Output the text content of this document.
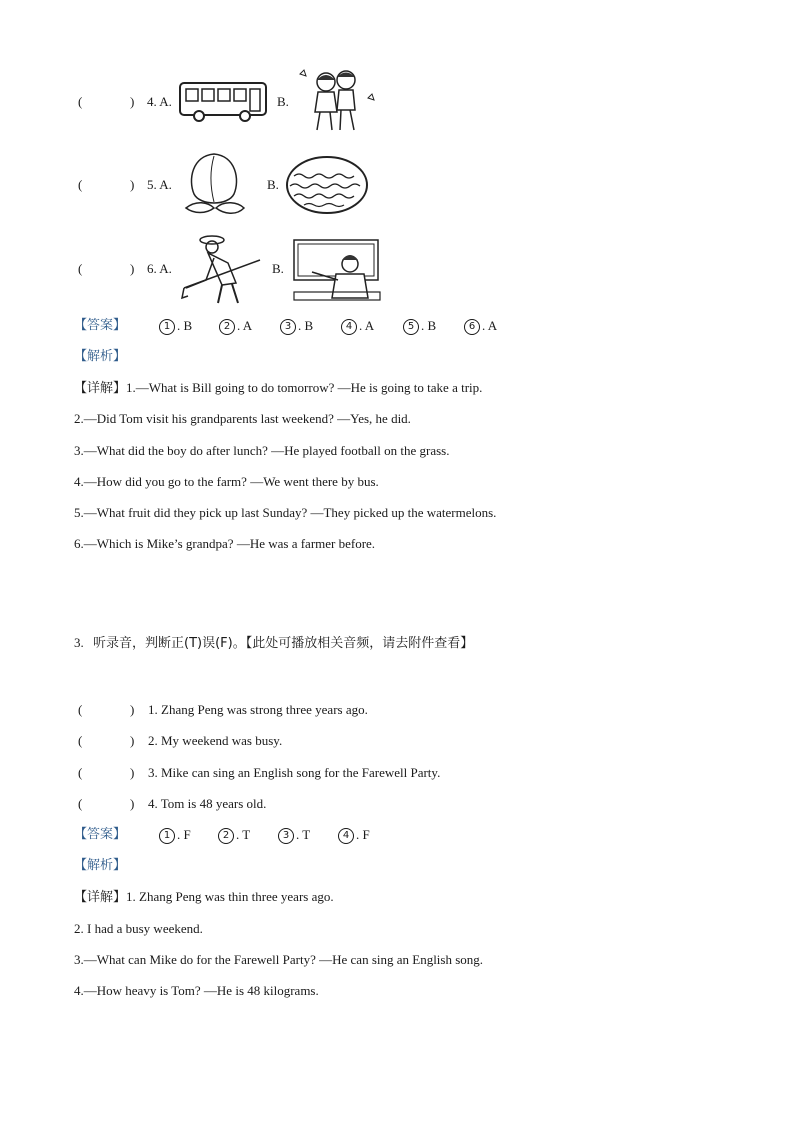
(	) 4. A.	B.
(	) 5. A.	B.
(	) 6. A.	B.
【答案】	1 . B	2 . A	3 . B	4 . A	5 . B	6 . A
【解析】
【详解】1.—What is Bill going to do tomorrow? —He is going to take a trip.
2.—Did Tom visit his grandparents last weekend? —Yes, he did.
3.—What did the boy do after lunch? —He played football on the grass.
4.—How did you go to the farm? —We went there by bus.
5.—What fruit did they pick up last Sunday? —They picked up the watermelons.
6.—Which is Mike’s grandpa? —He was a farmer before.
3. 听录音，判断正(T)误(F)。【此处可播放相关音频，请去附件查看】
(	) 1. Zhang Peng was strong three years ago.
(	) 2. My weekend was busy.
(	) 3. Mike can sing an English song for the Farewell Party.
(	) 4. Tom is 48 years old.
【答案】	1 . F	2 . T	3 . T	4 . F
【解析】
【详解】1. Zhang Peng was thin three years ago.
2. I had a busy weekend.
3.—What can Mike do for the Farewell Party? —He can sing an English song.
4.—How heavy is Tom? —He is 48 kilograms.
